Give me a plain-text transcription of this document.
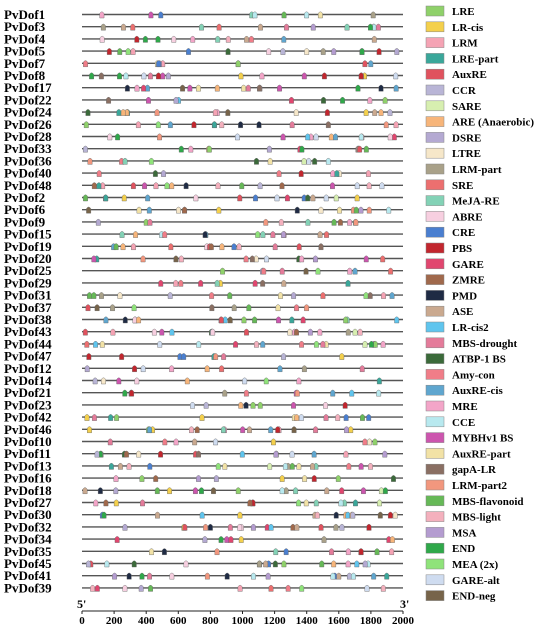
PvDof1
PvDof3
PvDof4
PvDof5
PvDof7
PvDof8
PvDof17
PvDof22
PvDof24
PvDof26
PvDof28
PvDof33
PvDof36
PvDof40
PvDof48
PvDof2
PvDof6
PvDof9
PvDof15
PvDof19
PvDof20
PvDof25
PvDof29
PvDof31
PvDof37
PvDof38
PvDof43
PvDof44
PvDof47
PvDof12
PvDof14
PvDof21
PvDof23
PvDof42
PvDof46
PvDof10
PvDof11
PvDof13
PvDof16
PvDof18
PvDof27
PvDof30
PvDof32
PvDof34
PvDof35
PvDof45
PvDof41
PvDof39
5'	3'
0 200 400 600 800 1000 1200 1400 1600 1800 2000
LRE
LR-cis
LRM
LRE-part
AuxRE
CCR
SARE
ARE (Anaerobic)
DSRE
LTRE
LRM-part
SRE
MeJA-RE
ABRE
CRE
PBS
GARE
ZMRE
PMD
ASE
LR-cis2
MBS-drought
ATBP-1 BS
Amy-con
AuxRE-cis
MRE
CCE
MYBHv1 BS
AuxRE-part
gapA-LR
LRM-part2
MBS-flavonoid
MBS-light
MSA
END
MEA (2x)
GARE-alt
END-neg
